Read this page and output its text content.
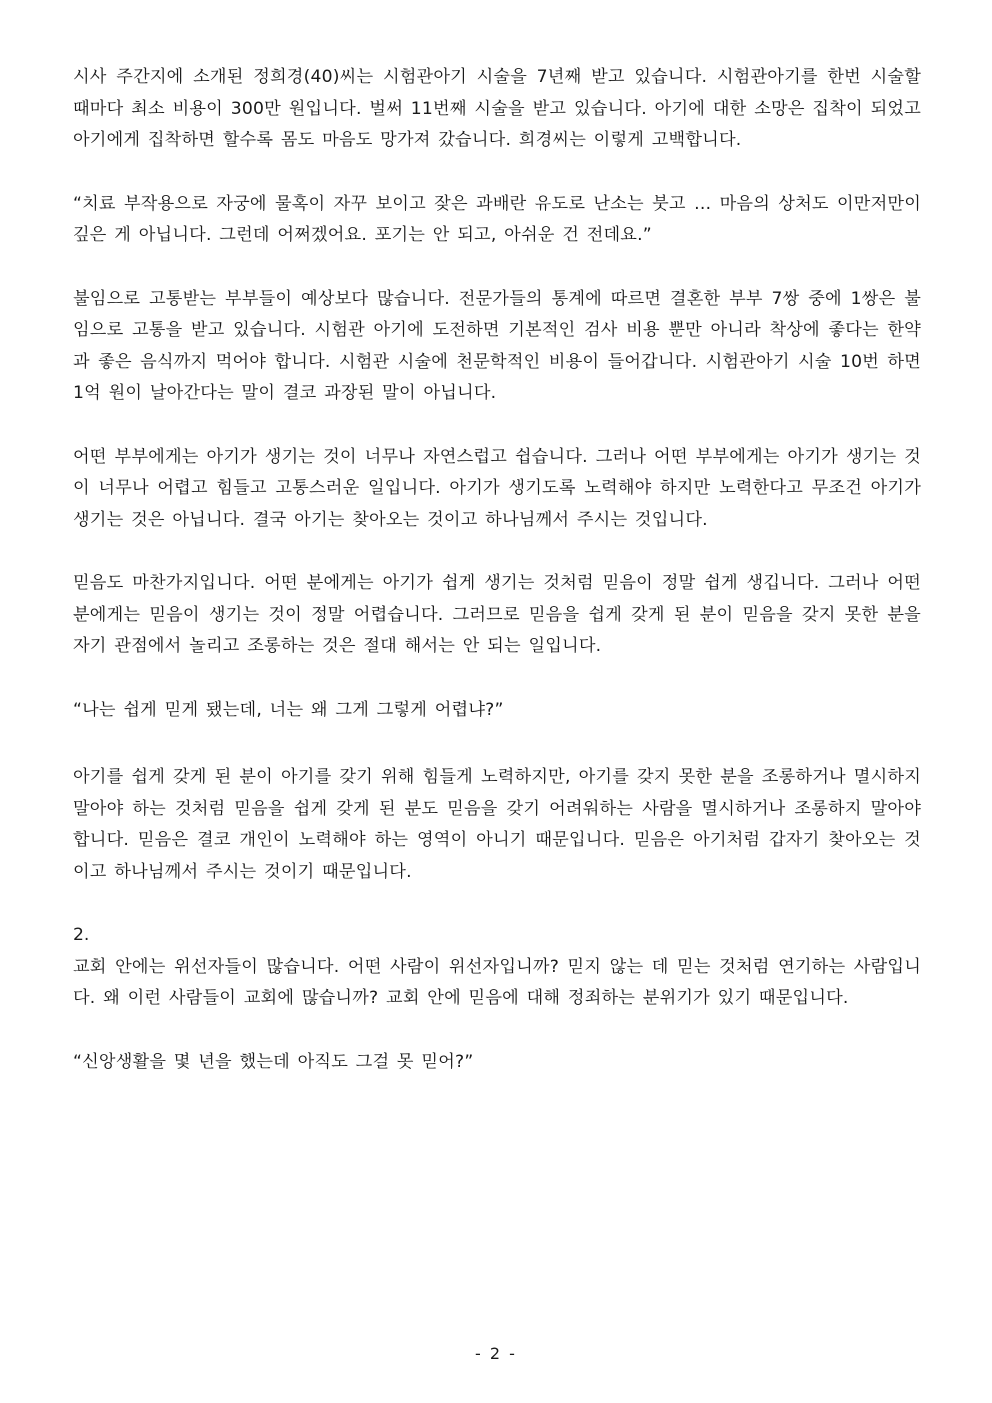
시사 주간지에 소개된 정희경(40)씨는 시험관아기 시술을 7년째 받고 있습니다. 시험관아기를 한번 시술할 때마다 최소 비용이 300만 원입니다. 벌써 11번째 시술을 받고 있습니다. 아기에 대한 소망은 집착이 되었고 아기에게 집착하면 할수록 몸도 마음도 망가져 갔습니다. 희경씨는 이렇게 고백합니다.

“치료 부작용으로 자궁에 물혹이 자꾸 보이고 잦은 과배란 유도로 난소는 붓고 … 마음의 상처도 이만저만이 깊은 게 아닙니다. 그런데 어쩌겠어요. 포기는 안 되고, 아쉬운 건 전데요.”

불임으로 고통받는 부부들이 예상보다 많습니다. 전문가들의 통계에 따르면 결혼한 부부 7쌍 중에 1쌍은 불임으로 고통을 받고 있습니다. 시험관 아기에 도전하면 기본적인 검사 비용 뿐만 아니라 착상에 좋다는 한약과 좋은 음식까지 먹어야 합니다. 시험관 시술에 천문학적인 비용이 들어갑니다. 시험관아기 시술 10번 하면 1억 원이 날아간다는 말이 결코 과장된 말이 아닙니다.

어떤 부부에게는 아기가 생기는 것이 너무나 자연스럽고 쉽습니다. 그러나 어떤 부부에게는 아기가 생기는 것이 너무나 어렵고 힘들고 고통스러운 일입니다. 아기가 생기도록 노력해야 하지만 노력한다고 무조건 아기가 생기는 것은 아닙니다. 결국 아기는 찾아오는 것이고 하나님께서 주시는 것입니다.

믿음도 마찬가지입니다. 어떤 분에게는 아기가 쉽게 생기는 것처럼 믿음이 정말 쉽게 생깁니다. 그러나 어떤 분에게는 믿음이 생기는 것이 정말 어렵습니다. 그러므로 믿음을 쉽게 갖게 된 분이 믿음을 갖지 못한 분을 자기 관점에서 놀리고 조롱하는 것은 절대 해서는 안 되는 일입니다.

“나는 쉽게 믿게 됐는데, 너는 왜 그게 그렇게 어렵냐?”

아기를 쉽게 갖게 된 분이 아기를 갖기 위해 힘들게 노력하지만, 아기를 갖지 못한 분을 조롱하거나 멸시하지 말아야 하는 것처럼 믿음을 쉽게 갖게 된 분도 믿음을 갖기 어려워하는 사람을 멸시하거나 조롱하지 말아야 합니다. 믿음은 결코 개인이 노력해야 하는 영역이 아니기 때문입니다. 믿음은 아기처럼 갑자기 찾아오는 것이고 하나님께서 주시는 것이기 때문입니다.

2.

교회 안에는 위선자들이 많습니다. 어떤 사람이 위선자입니까? 믿지 않는 데 믿는 것처럼 연기하는 사람입니다. 왜 이런 사람들이 교회에 많습니까? 교회 안에 믿음에 대해 정죄하는 분위기가 있기 때문입니다.

“신앙생활을 몇 년을 했는데 아직도 그걸 못 믿어?”

- 2 -
